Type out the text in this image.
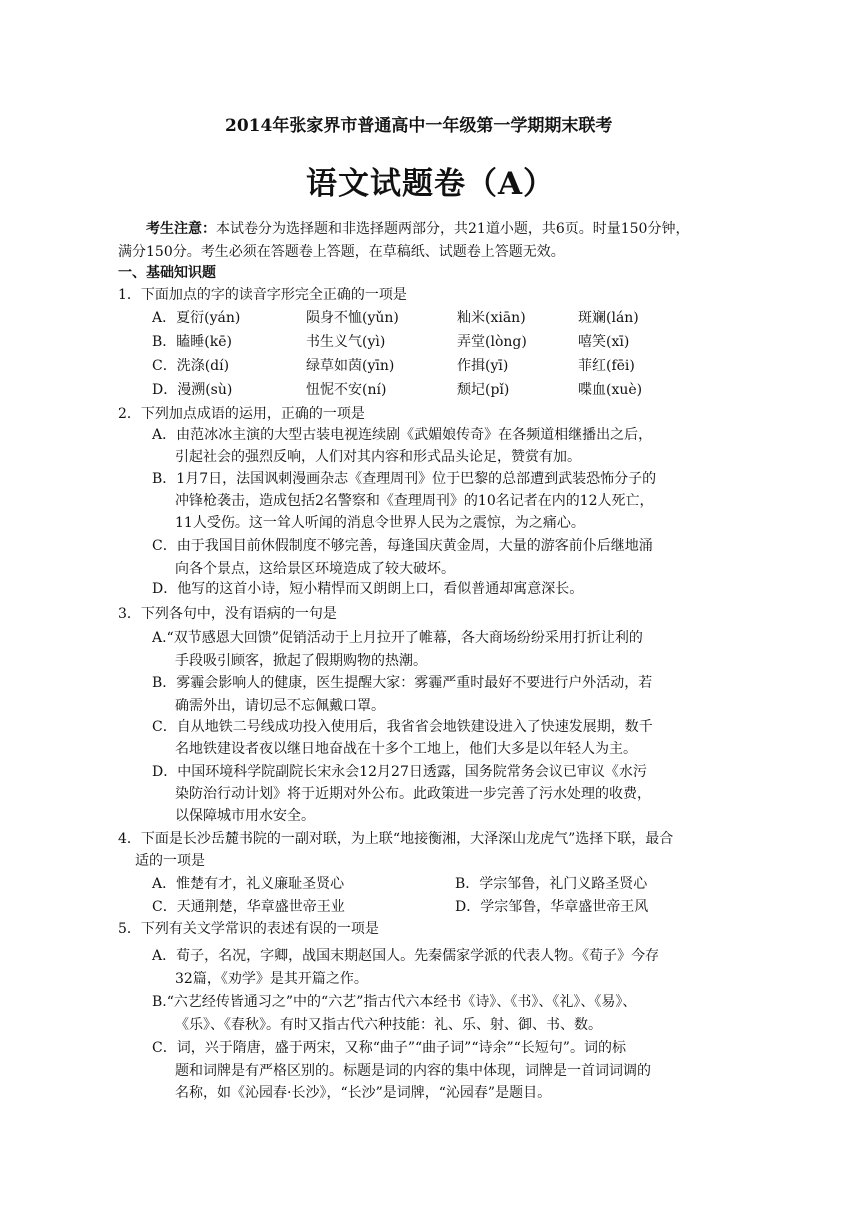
2014年张家界市普通高中一年级第一学期期末联考
语文试题卷（A）
考生注意：本试卷分为选择题和非选择题两部分，共21道小题，共6页。时量150分钟，
满分150分。考生必须在答题卷上答题，在草稿纸、试题卷上答题无效。
一、基础知识题
1．下面加点的字的读音字形完全正确的一项是
A．夏衍(yán)	陨身不恤(yǔn)	籼米(xiān)	斑斓(lán)
B．瞌睡(kē)	书生义气(yì)	弄堂(lòng)	嘻笑(xī)
C．洗涤(dí)	绿草如茵(yīn)	作揖(yī)	菲红(fēi)
D．漫溯(sù)	忸怩不安(ní)	颓圮(pǐ)	喋血(xuè)
2．下列加点成语的运用，正确的一项是
A．由范冰冰主演的大型古装电视连续剧《武媚娘传奇》在各频道相继播出之后，
引起社会的强烈反响，人们对其内容和形式品头论足，赞赏有加。
B．1月7日，法国讽刺漫画杂志《查理周刊》位于巴黎的总部遭到武装恐怖分子的
冲锋枪袭击，造成包括2名警察和《查理周刊》的10名记者在内的12人死亡，
11人受伤。这一耸人听闻的消息令世界人民为之震惊，为之痛心。
C．由于我国目前休假制度不够完善，每逢国庆黄金周，大量的游客前仆后继地涌
向各个景点，这给景区环境造成了较大破坏。
D．他写的这首小诗，短小精悍而又朗朗上口，看似普通却寓意深长。
3．下列各句中，没有语病的一句是
A.“双节感恩大回馈”促销活动于上月拉开了帷幕，各大商场纷纷采用打折让利的
手段吸引顾客，掀起了假期购物的热潮。
B．雾霾会影响人的健康，医生提醒大家：雾霾严重时最好不要进行户外活动，若
确需外出，请切忌不忘佩戴口罩。
C．自从地铁二号线成功投入使用后，我省省会地铁建设进入了快速发展期，数千
名地铁建设者夜以继日地奋战在十多个工地上，他们大多是以年轻人为主。
D．中国环境科学院副院长宋永会12月27日透露，国务院常务会议已审议《水污
染防治行动计划》将于近期对外公布。此政策进一步完善了污水处理的收费，
以保障城市用水安全。
4．下面是长沙岳麓书院的一副对联，为上联“地接衡湘，大泽深山龙虎气”选择下联，最合
适的一项是
A．惟楚有才，礼义廉耻圣贤心	B．学宗邹鲁，礼门义路圣贤心
C．天通荆楚，华章盛世帝王业	D．学宗邹鲁，华章盛世帝王风
5．下列有关文学常识的表述有误的一项是
A．荀子，名况，字卿，战国末期赵国人。先秦儒家学派的代表人物。《荀子》今存
32篇，《劝学》是其开篇之作。
B.“六艺经传皆通习之”中的“六艺”指古代六本经书《诗》、《书》、《礼》、《易》、
《乐》、《春秋》。有时又指古代六种技能：礼、乐、射、御、书、数。
C．词，兴于隋唐，盛于两宋，又称“曲子”“曲子词”“诗余”“长短句”。词的标
题和词牌是有严格区别的。标题是词的内容的集中体现，词牌是一首词词调的
名称，如《沁园春·长沙》，“长沙”是词牌，“沁园春”是题目。
